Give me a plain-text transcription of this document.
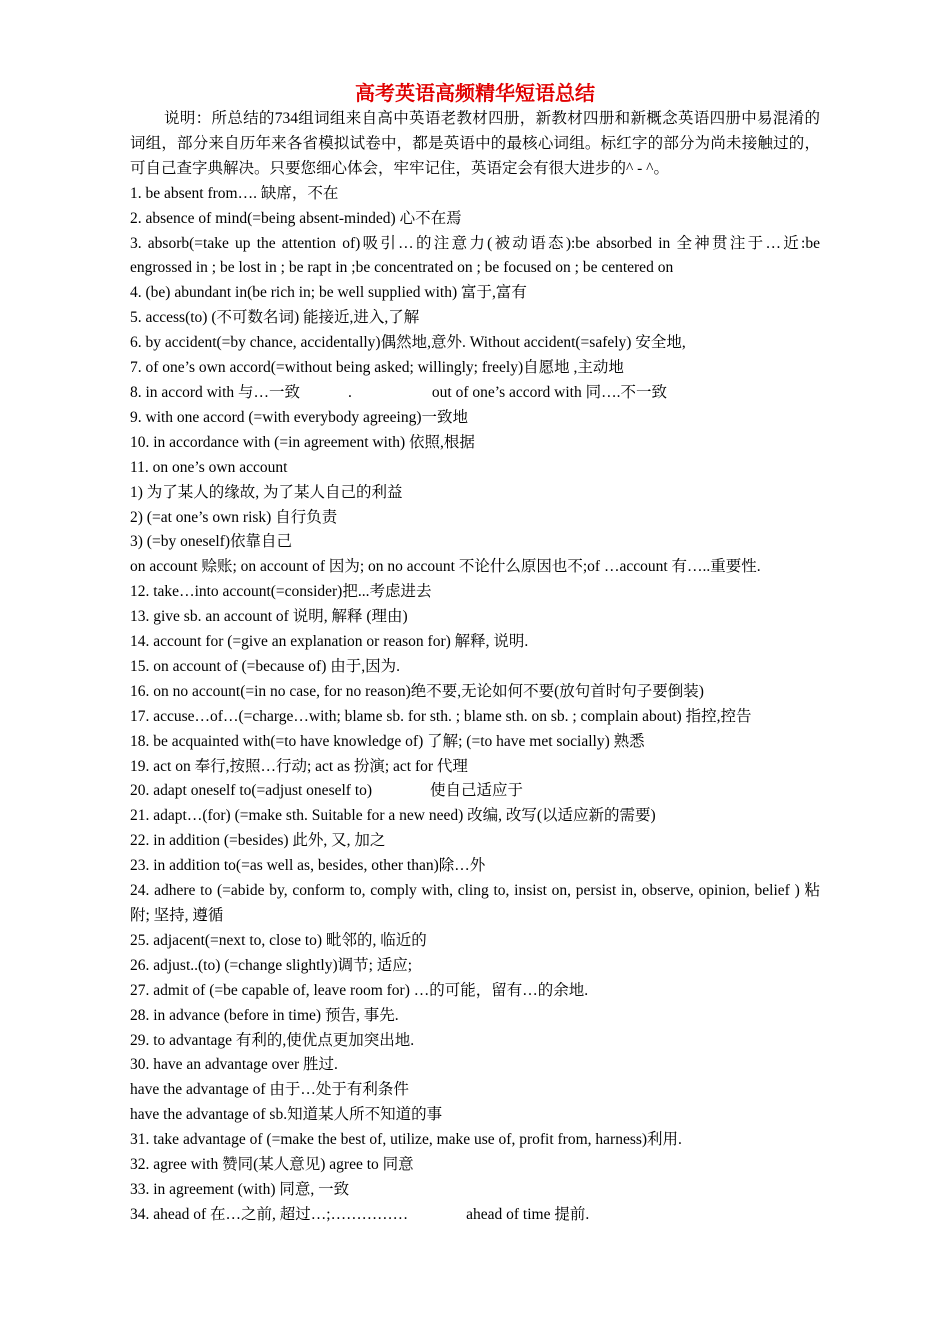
高考英语高频精华短语总结

说明：所总结的734组词组来自高中英语老教材四册，新教材四册和新概念英语四册中易混淆的词组，部分来自历年来各省模拟试卷中，都是英语中的最核心词组。标红字的部分为尚未接触过的，可自己查字典解决。只要您细心体会，牢牢记住，英语定会有很大进步的^ - ^。

1. be absent from…. 缺席，不在

2. absence of mind(=being absent-minded) 心不在焉

3. absorb(=take up the attention of)吸引…的注意力(被动语态):be absorbed in 全神贯注于…近:be engrossed in ; be lost in ; be rapt in ;be concentrated on ; be focused on ; be centered on

4. (be) abundant in(be rich in; be well supplied with) 富于,富有

5. access(to) (不可数名词) 能接近,进入,了解

6. by accident(=by chance, accidentally)偶然地,意外. Without accident(=safely) 安全地,

7. of one’s own accord(=without being asked; willingly; freely)自愿地 ,主动地

8. in accord with 与…一致	.	out of one’s accord with 同….不一致

9. with one accord (=with everybody agreeing)一致地

10. in accordance with (=in agreement with) 依照,根据

11. on one’s own account

1) 为了某人的缘故, 为了某人自己的利益

2) (=at one’s own risk) 自行负责

3) (=by oneself)依靠自己

on account 赊账; on account of 因为; on no account 不论什么原因也不;of …account 有…..重要性.

12. take…into account(=consider)把...考虑进去

13. give sb. an account of 说明, 解释 (理由)

14. account for (=give an explanation or reason for) 解释, 说明.

15. on account of (=because of) 由于,因为.

16. on no account(=in no case, for no reason)绝不要,无论如何不要(放句首时句子要倒装)

17. accuse…of…(=charge…with; blame sb. for sth. ; blame sth. on sb. ; complain about) 指控,控告

18. be acquainted with(=to have knowledge of) 了解; (=to have met socially) 熟悉

19. act on 奉行,按照…行动; act as 扮演; act for 代理

20. adapt oneself to(=adjust oneself to)	使自己适应于

21. adapt…(for) (=make sth. Suitable for a new need) 改编, 改写(以适应新的需要)

22. in addition (=besides) 此外, 又, 加之

23. in addition to(=as well as, besides, other than)除…外

24. adhere to (=abide by, conform to, comply with, cling to, insist on, persist in, observe, opinion, belief ) 粘附; 坚持, 遵循

25. adjacent(=next to, close to) 毗邻的, 临近的

26. adjust..(to) (=change slightly)调节; 适应;

27. admit of (=be capable of, leave room for) …的可能，留有…的余地.

28. in advance (before in time) 预告, 事先.

29. to advantage 有利的,使优点更加突出地.

30. have an advantage over 胜过.

have the advantage of 由于…处于有利条件

have the advantage of sb.知道某人所不知道的事

31. take advantage of (=make the best of, utilize, make use of, profit from, harness)利用.

32. agree with 赞同(某人意见) agree to 同意

33. in agreement (with) 同意, 一致

34. ahead of 在…之前, 超过…;……………	ahead of time 提前.
